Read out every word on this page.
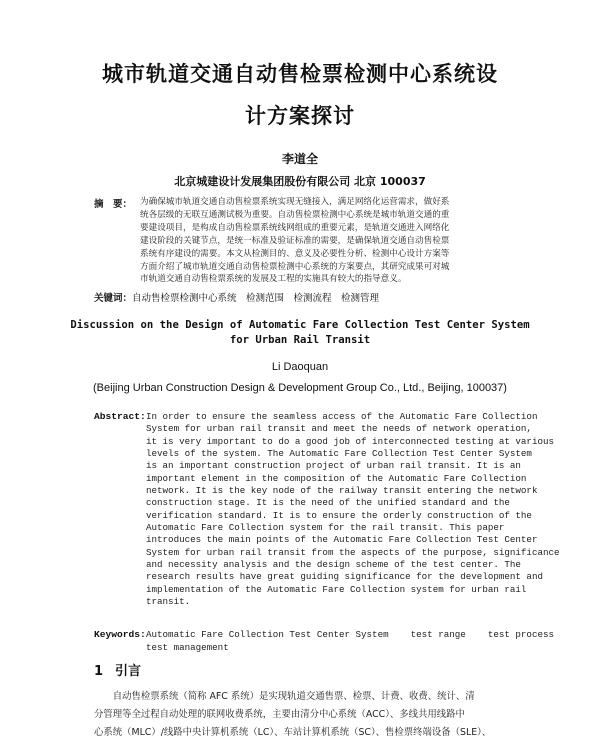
城市轨道交通自动售检票检测中心系统设
计方案探讨
李道全
北京城建设计发展集团股份有限公司 北京 100037
摘　要： 为确保城市轨道交通自动售检票系统实现无缝接入，满足网络化运营需求，做好系
统各层级的无联互通测试极为重要。自动售检票检测中心系统是城市轨道交通的重
要建设项目，是构成自动售检票系统线网组成的重要元素，是轨道交通进入网络化
建设阶段的关键节点，是统一标准及验证标准的需要，是确保轨道交通自动售检票
系统有序建设的需要。本文从检测目的、意义及必要性分析、检测中心设计方案等
方面介绍了城市轨道交通自动售检票检测中心系统的方案要点，其研究成果可对城
市轨道交通自动售检票系统的发展及工程的实施具有较大的指导意义。
关键词：自动售检票检测中心系统　检测范围　检测流程　检测管理
Discussion on the Design of Automatic Fare Collection Test Center System
for Urban Rail Transit
Li Daoquan
(Beijing Urban Construction Design & Development Group Co., Ltd., Beijing, 100037)
Abstract: In order to ensure the seamless access of the Automatic Fare Collection
System for urban rail transit and meet the needs of network operation,
it is very important to do a good job of interconnected testing at various
levels of the system. The Automatic Fare Collection Test Center System
is an important construction project of urban rail transit. It is an
important element in the composition of the Automatic Fare Collection
network. It is the key node of the railway transit entering the network
construction stage. It is the need of the unified standard and the
verification standard. It is to ensure the orderly construction of the
Automatic Fare Collection system for the rail transit. This paper
introduces the main points of the Automatic Fare Collection Test Center
System for urban rail transit from the aspects of the purpose, significance
and necessity analysis and the design scheme of the test center. The
research results have great guiding significance for the development and
implementation of the Automatic Fare Collection system for urban rail
transit.
Keywords: Automatic Fare Collection Test Center System    test range    test process
test management
1 引言
　　自动售检票系统（简称 AFC 系统）是实现轨道交通售票、检票、计费、收费、统计、清
分管理等全过程自动处理的联网收费系统，主要由清分中心系统（ACC）、多线共用线路中
心系统（MLC）/线路中央计算机系统（LC）、车站计算机系统（SC）、售检票终端设备（SLE）、
